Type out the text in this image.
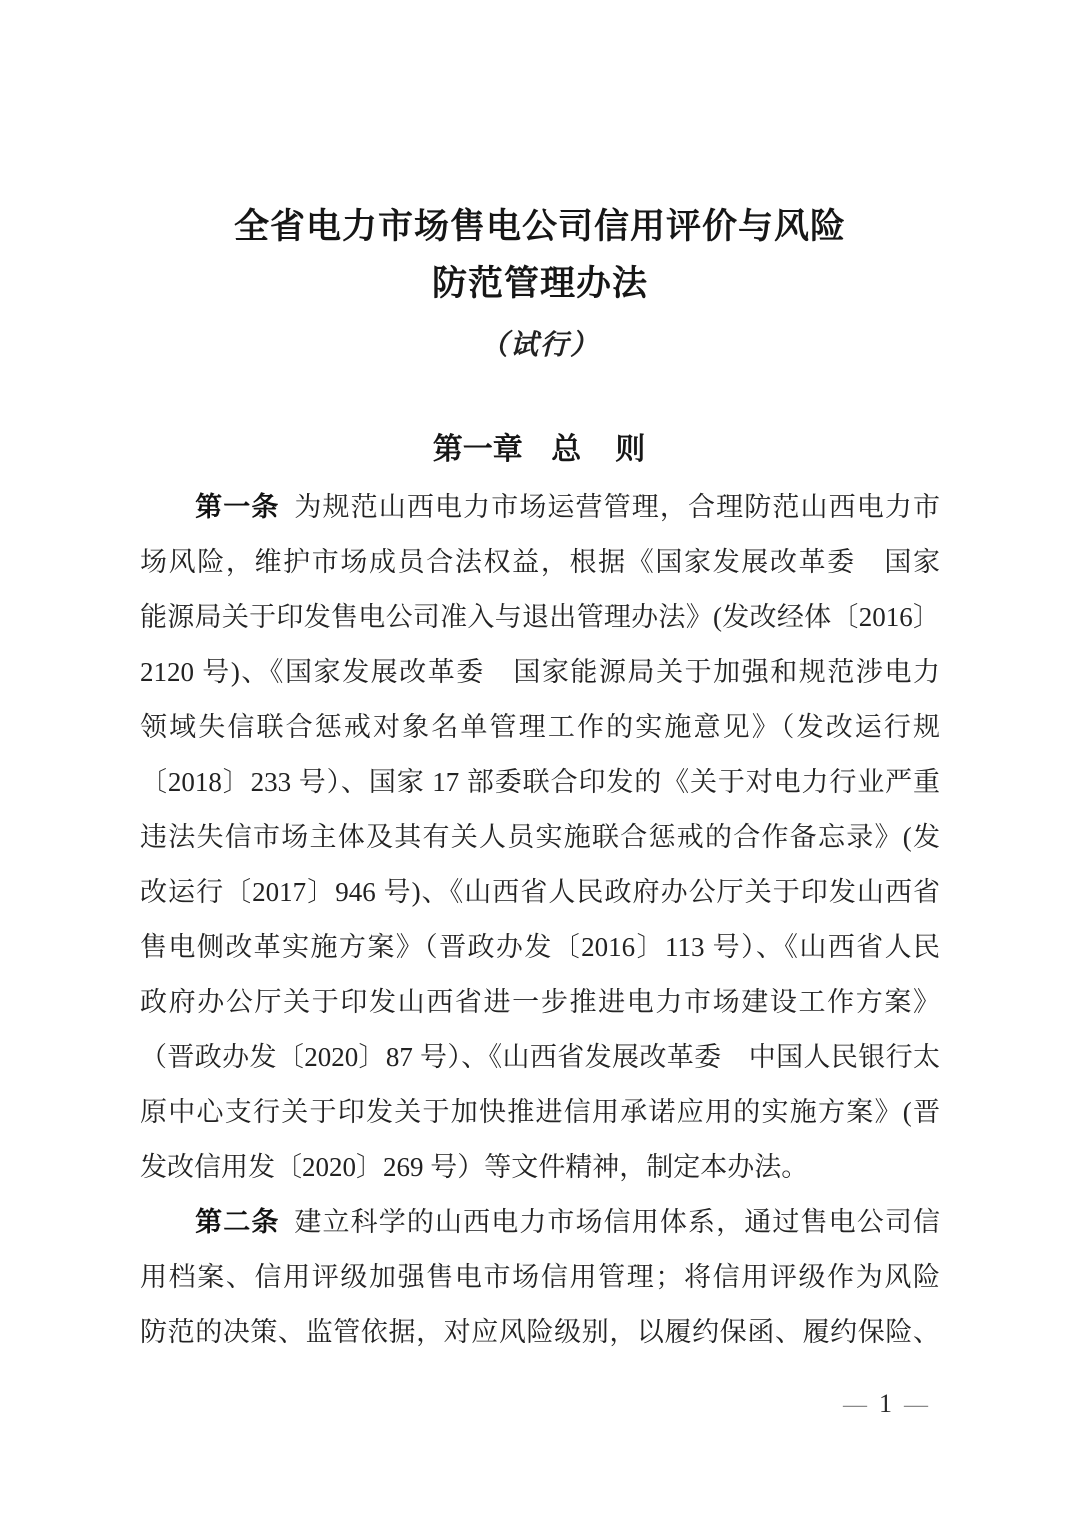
全省电力市场售电公司信用评价与风险
防范管理办法
（试行）
第一章 总　则

第一条 为规范山西电力市场运营管理，合理防范山西电力市

场风险，维护市场成员合法权益，根据《国家发展改革委　国家

能源局关于印发售电公司准入与退出管理办法》(发改经体〔2016〕

2120 号)、《国家发展改革委　国家能源局关于加强和规范涉电力

领域失信联合惩戒对象名单管理工作的实施意见》（发改运行规

〔2018〕233 号）、国家 17 部委联合印发的《关于对电力行业严重

违法失信市场主体及其有关人员实施联合惩戒的合作备忘录》(发

改运行〔2017〕946 号)、《山西省人民政府办公厅关于印发山西省

售电侧改革实施方案》（晋政办发〔2016〕113 号）、《山西省人民

政府办公厅关于印发山西省进一步推进电力市场建设工作方案》

（晋政办发〔2020〕87 号）、《山西省发展改革委　中国人民银行太

原中心支行关于印发关于加快推进信用承诺应用的实施方案》(晋

发改信用发〔2020〕269 号）等文件精神，制定本办法。

第二条 建立科学的山西电力市场信用体系，通过售电公司信

用档案、信用评级加强售电市场信用管理；将信用评级作为风险

防范的决策、监管依据，对应风险级别，以履约保函、履约保险、

— 1 —
